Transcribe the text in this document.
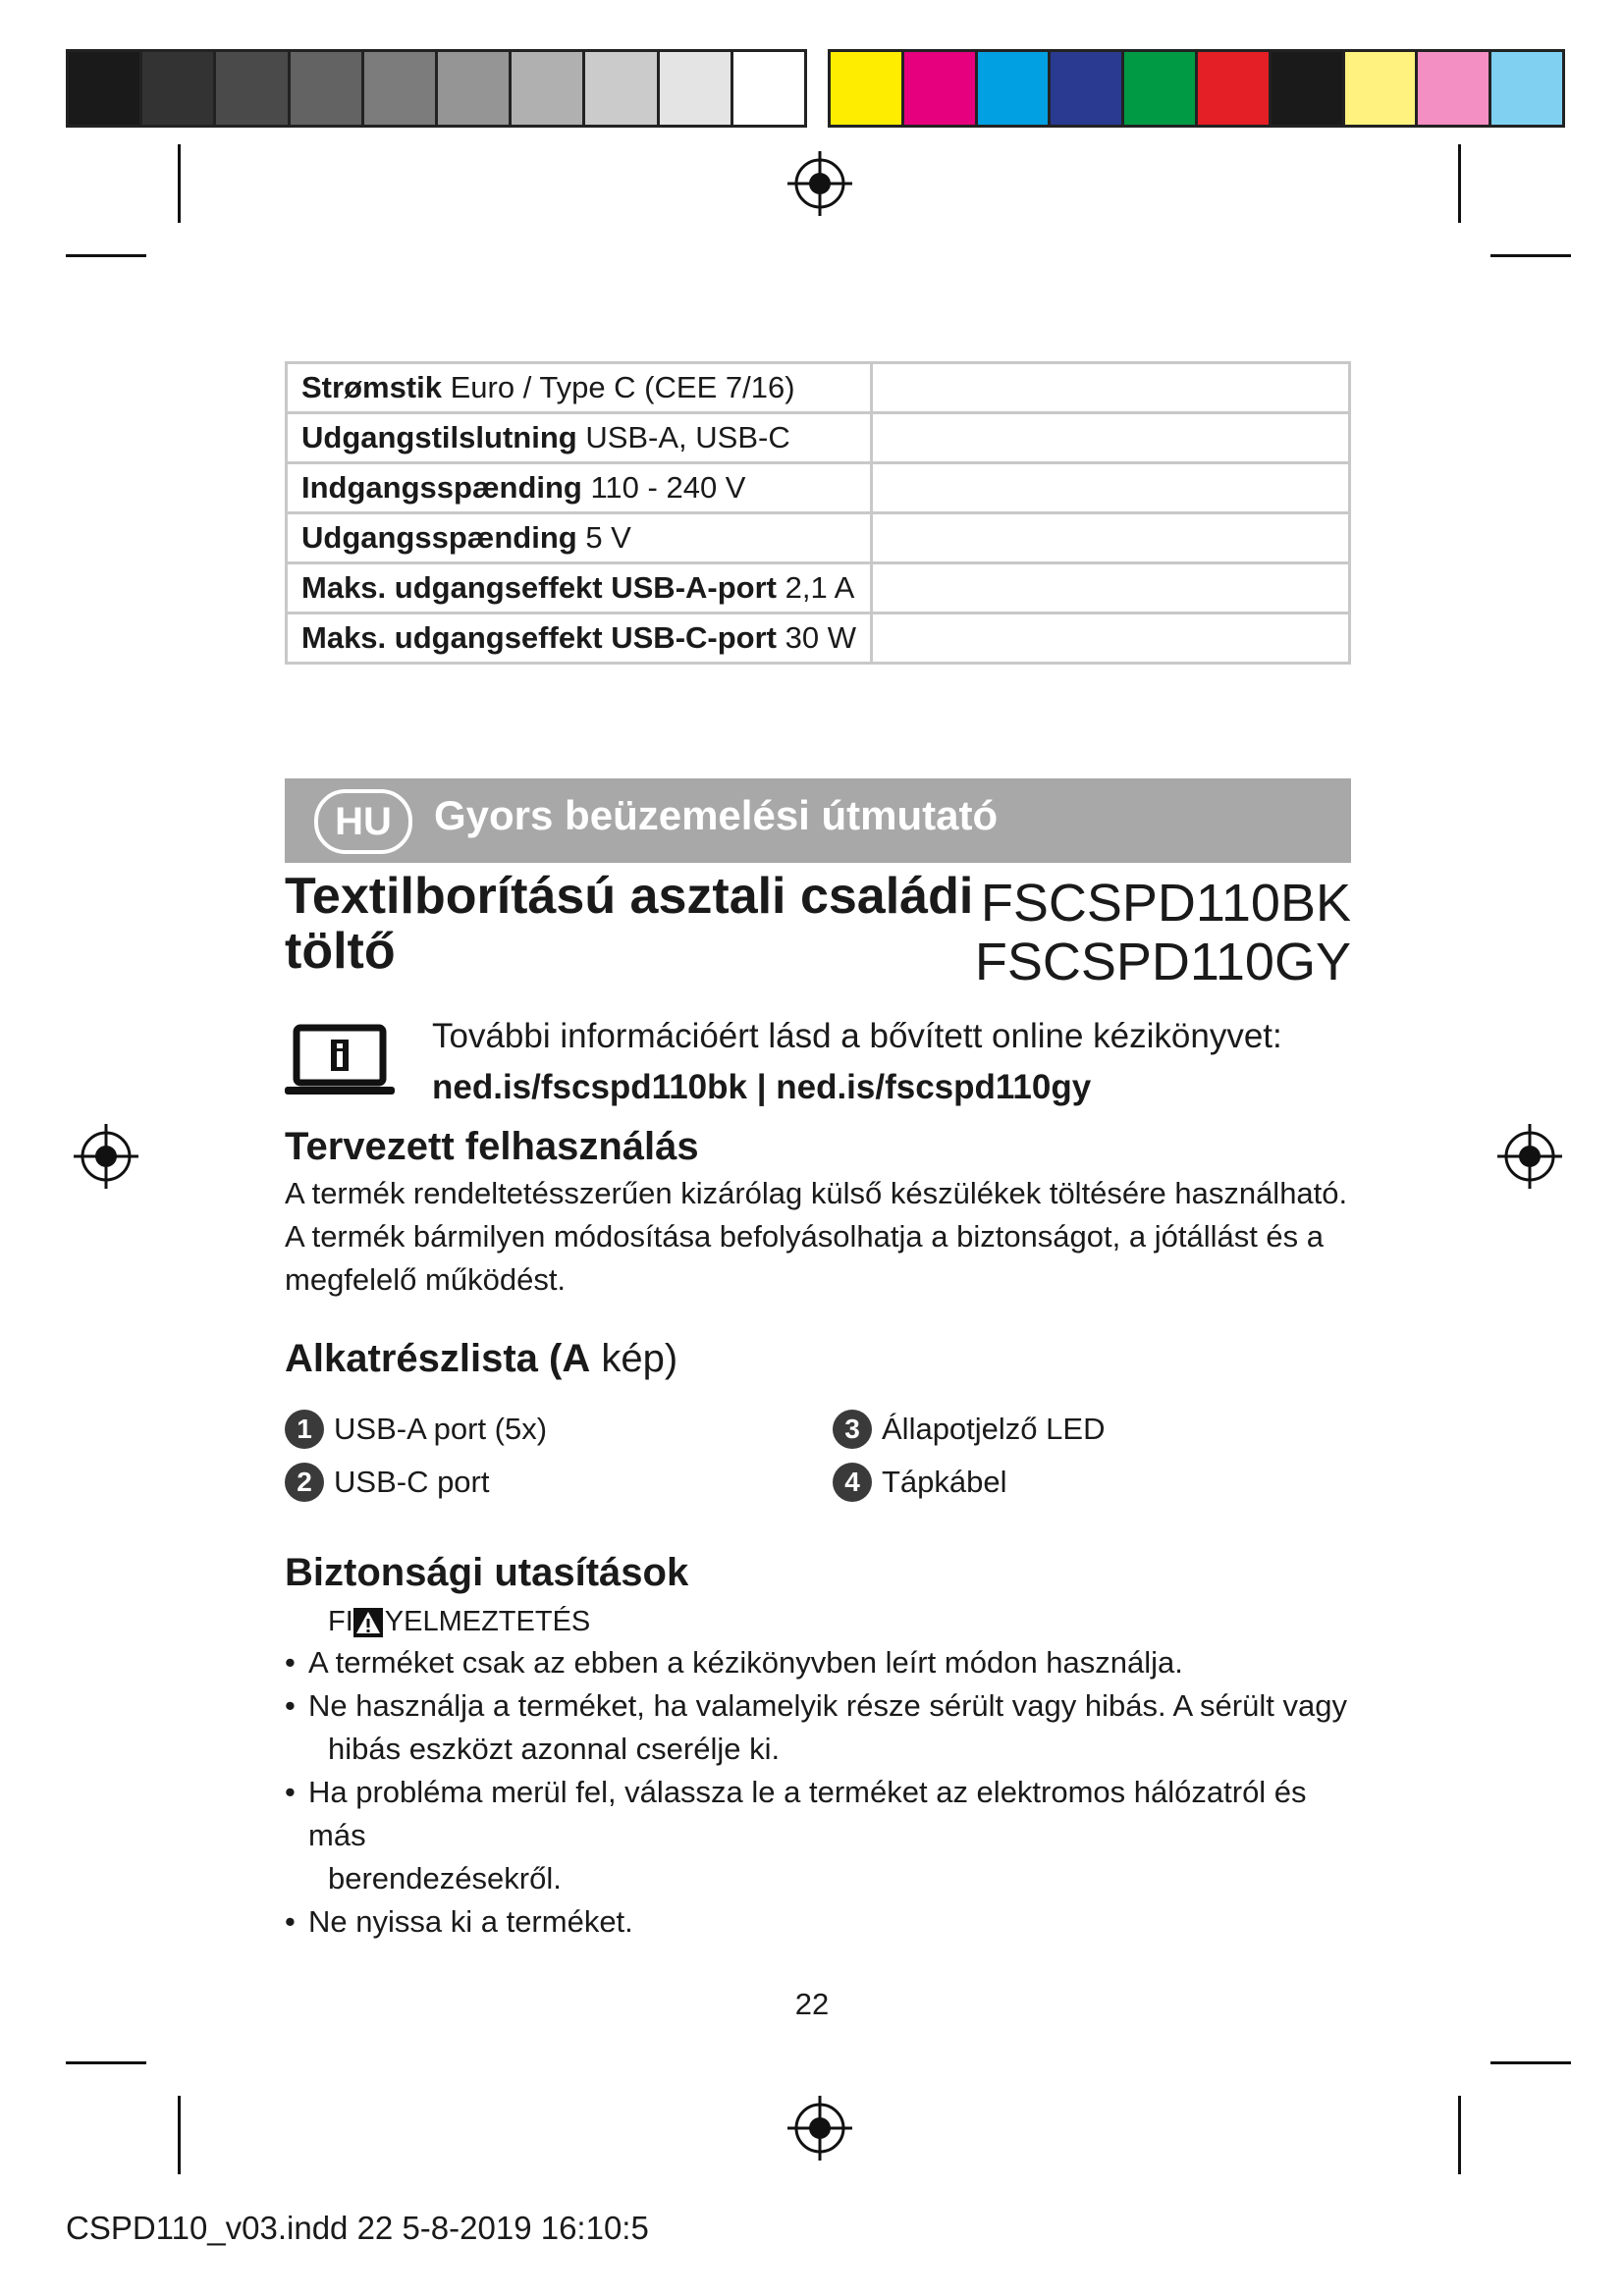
Strømstik Euro / Type C (CEE 7/16)	
Udgangstilslutning USB-A, USB-C	
Indgangsspænding 110 - 240 V	
Udgangsspænding 5 V	
Maks. udgangseffekt USB-A-port 2,1 A	
Maks. udgangseffekt USB-C-port 30 W	
HU	Gyors beüzemelési útmutató
Textilborítású asztali családi
töltő
FSCSPD110BK
FSCSPD110GY
További információért lásd a bővített online kézikönyvet:
ned.is/fscspd110bk | ned.is/fscspd110gy
Tervezett felhasználás
A termék rendeltetésszerűen kizárólag külső készülékek töltésére használható.
A termék bármilyen módosítása befolyásolhatja a biztonságot, a jótállást és a
megfelelő működést.
Alkatrészlista (A kép)
1 USB-A port (5x)
2 USB-C port
3 Állapotjelző LED
4 Tápkábel
Biztonsági utasítások
FI YELMEZTETÉS
• A terméket csak az ebben a kézikönyvben leírt módon használja.
• Ne használja a terméket, ha valamelyik része sérült vagy hibás. A sérült vagy
hibás eszközt azonnal cserélje ki.
• Ha probléma merül fel, válassza le a terméket az elektromos hálózatról és más
berendezésekről.
• Ne nyissa ki a terméket.
22
CSPD110_v03.indd 22 5-8-2019 16:10:5
